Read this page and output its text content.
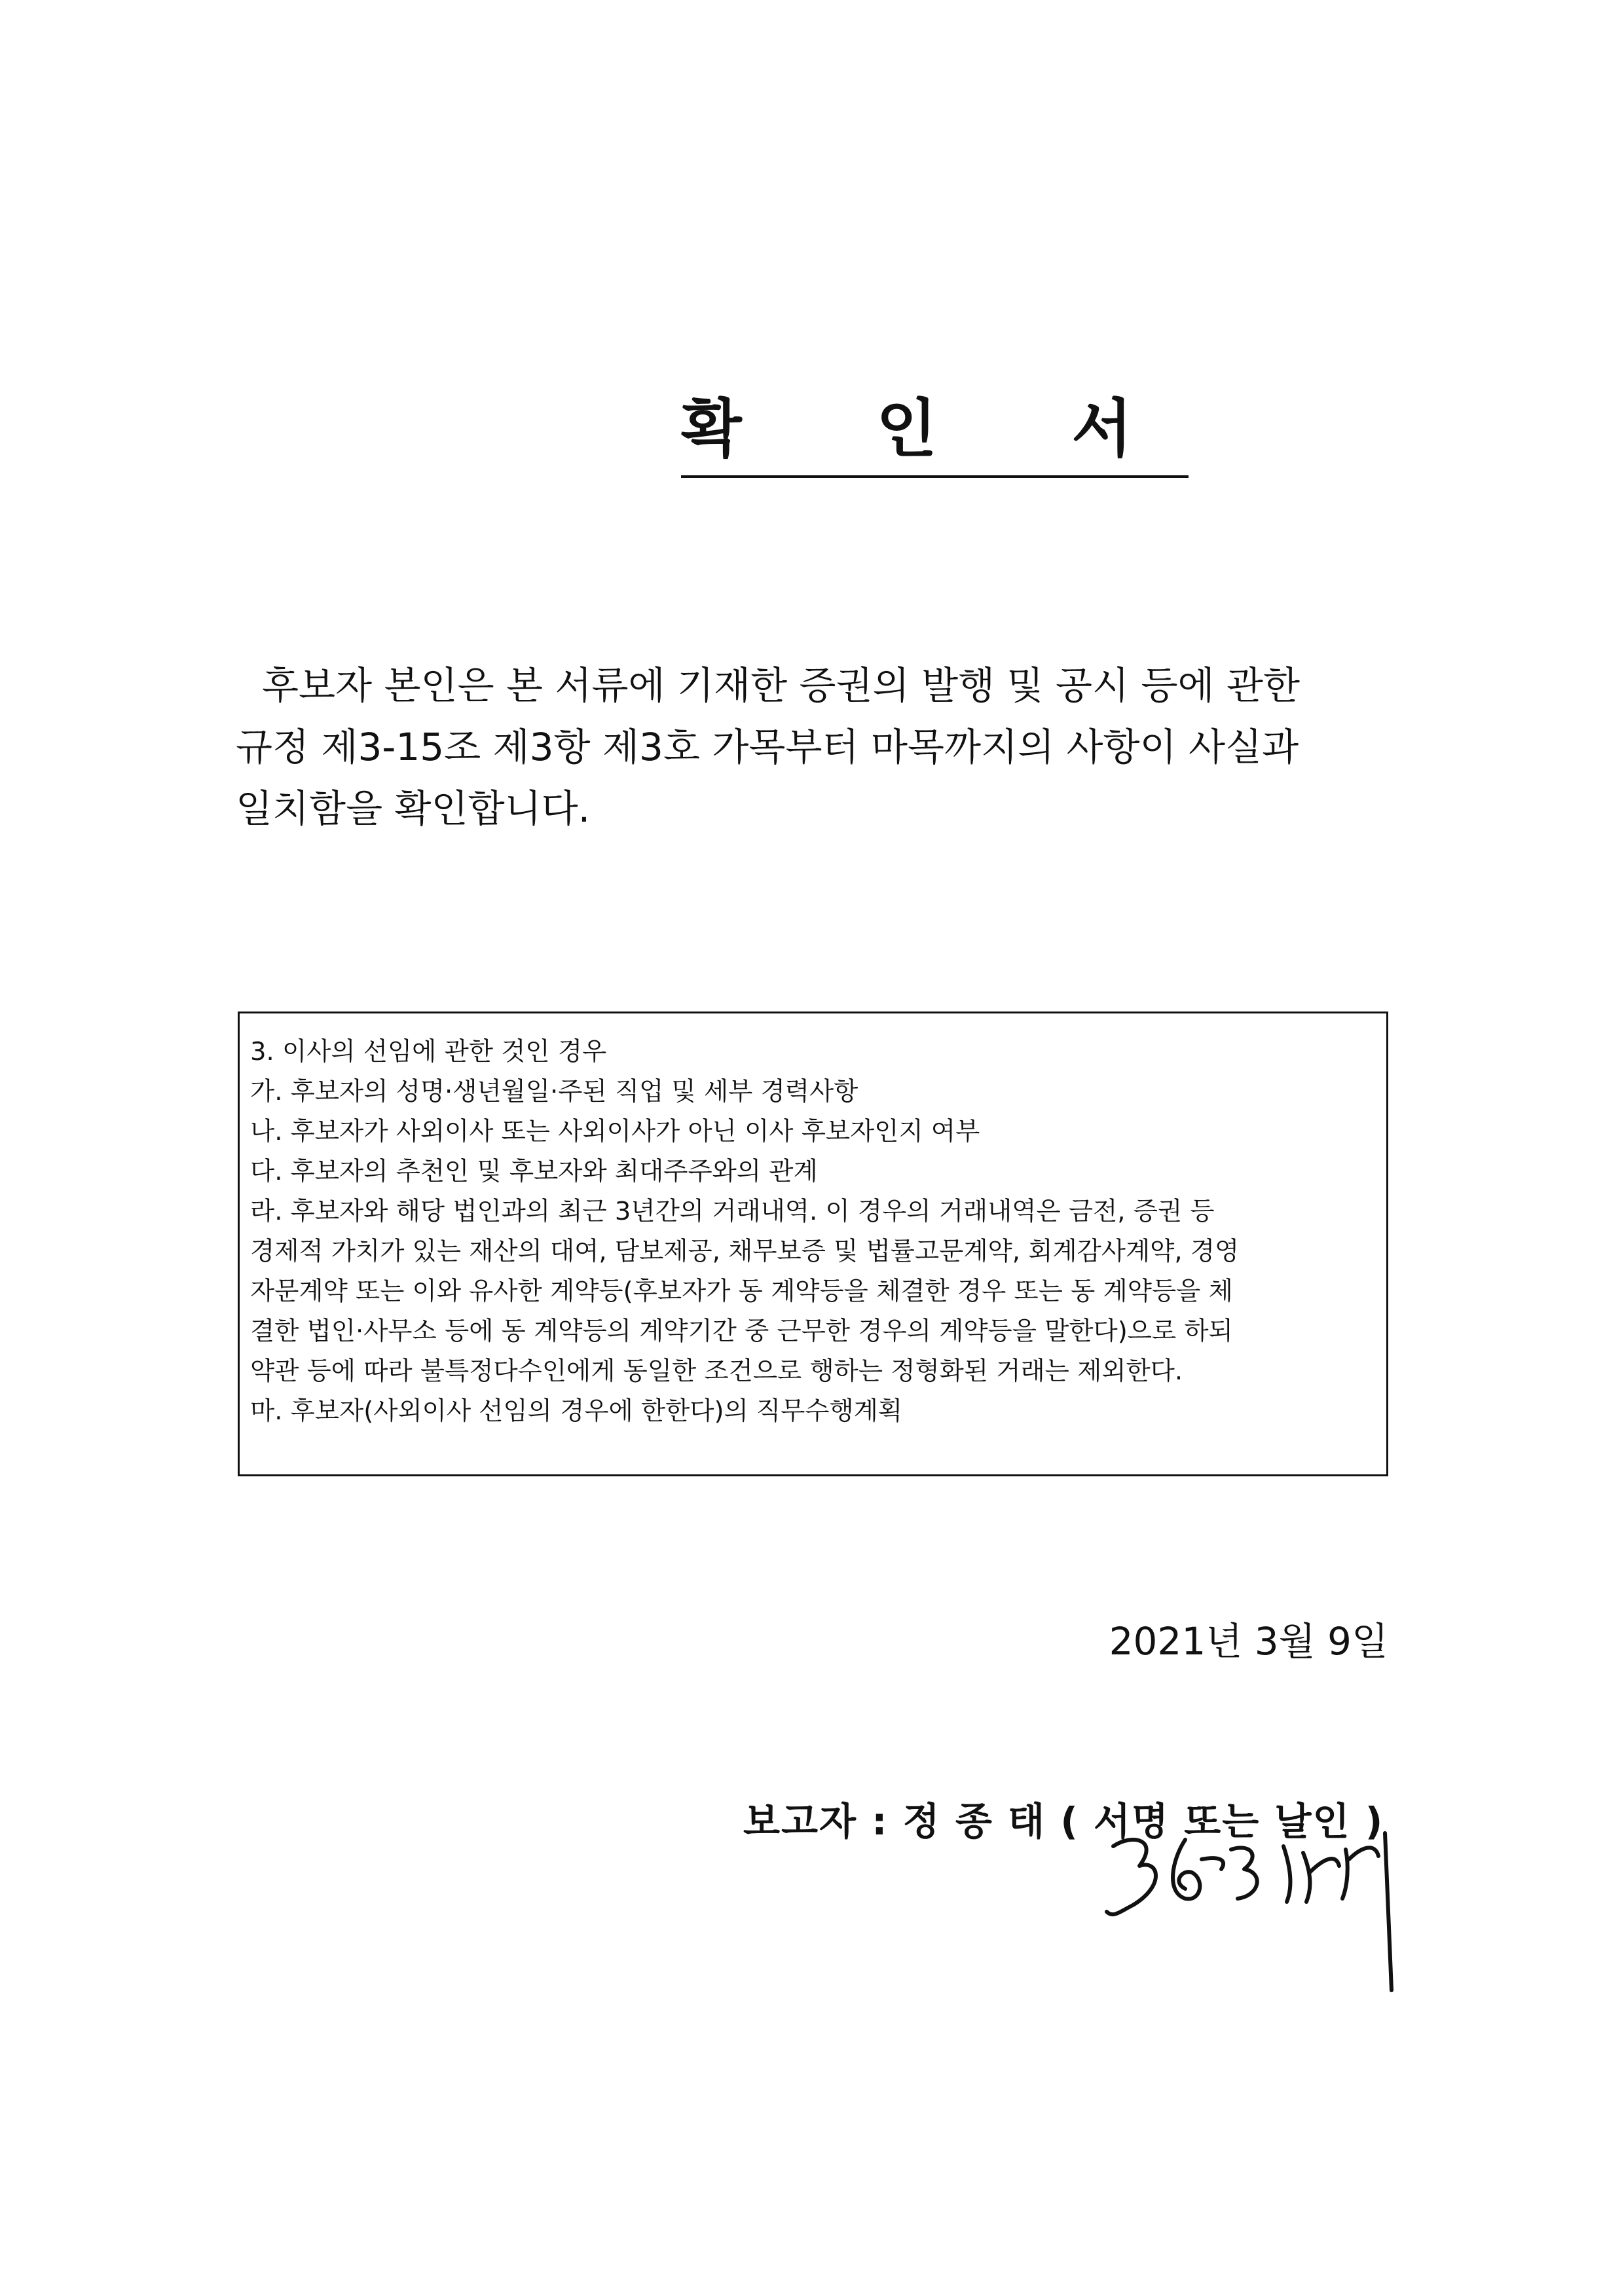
확 인 서
후보자 본인은 본 서류에 기재한 증권의 발행 및 공시 등에 관한
규정 제3-15조 제3항 제3호 가목부터 마목까지의 사항이 사실과
일치함을 확인합니다.
3. 이사의 선임에 관한 것인 경우
가. 후보자의 성명·생년월일·주된 직업 및 세부 경력사항
나. 후보자가 사외이사 또는 사외이사가 아닌 이사 후보자인지 여부
다. 후보자의 추천인 및 후보자와 최대주주와의 관계
라. 후보자와 해당 법인과의 최근 3년간의 거래내역. 이 경우의 거래내역은 금전, 증권 등
경제적 가치가 있는 재산의 대여, 담보제공, 채무보증 및 법률고문계약, 회계감사계약, 경영
자문계약 또는 이와 유사한 계약등(후보자가 동 계약등을 체결한 경우 또는 동 계약등을 체
결한 법인·사무소 등에 동 계약등의 계약기간 중 근무한 경우의 계약등을 말한다)으로 하되
약관 등에 따라 불특정다수인에게 동일한 조건으로 행하는 정형화된 거래는 제외한다.
마. 후보자(사외이사 선임의 경우에 한한다)의 직무수행계획
2021년 3월 9일
보고자 : 정 종 태 ( 서명 또는 날인 )
